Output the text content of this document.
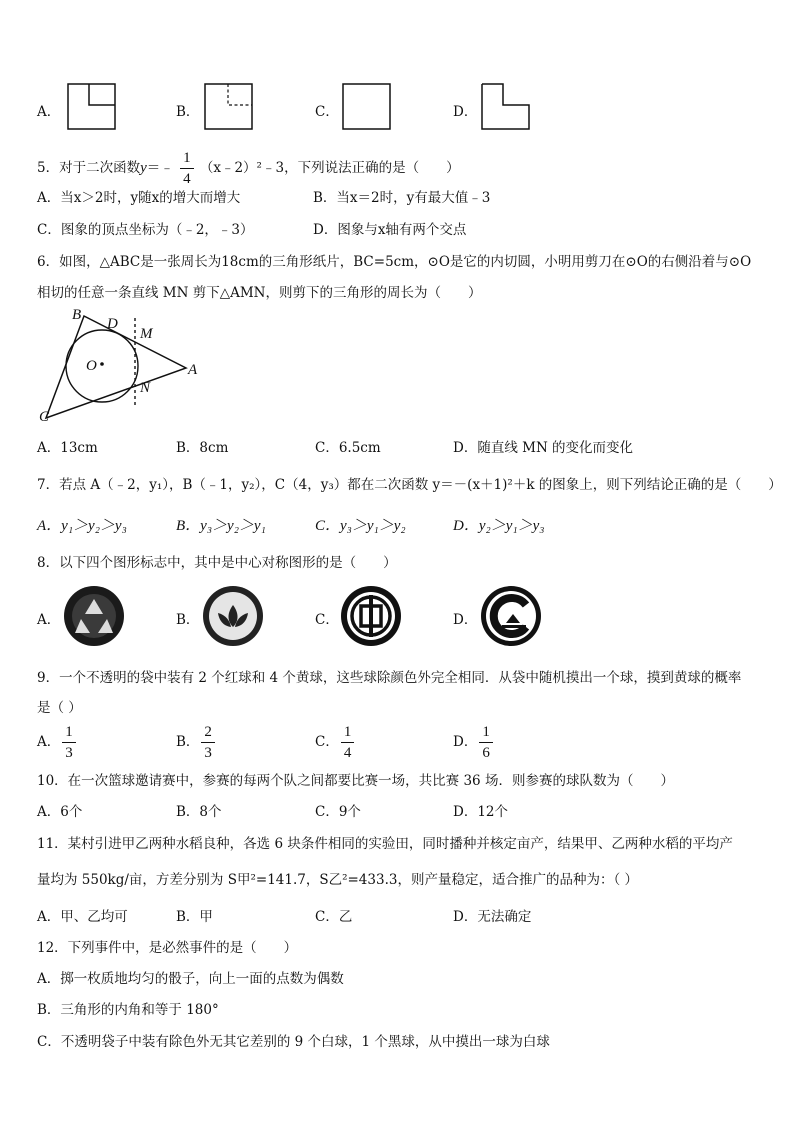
A．	B．	C．	D．
5．对于二次函数y＝﹣ $\frac{1}{4}$ （x﹣2）²﹣3，下列说法正确的是（　　）
A．当x＞2时，y随x的增大而增大	B．当x＝2时，y有最大值﹣3
C．图象的顶点坐标为（﹣2，﹣3）	D．图象与x轴有两个交点
6．如图，△ABC是一张周长为18cm的三角形纸片，BC=5cm，⊙O是它的内切圆，小明用剪刀在⊙O的右侧沿着与⊙O
相切的任意一条直线 MN 剪下△AMN，则剪下的三角形的周长为（　　）
B
D
M
O
N
A
C
A．13cm	B．8cm	C．6.5cm	D．随直线 MN 的变化而变化
7．若点 A（﹣2，y₁），B（﹣1，y₂），C（4，y₃）都在二次函数 y＝－(x＋1)²＋k 的图象上，则下列结论正确的是（　　）
A．y₁＞y₂＞y₃	B．y₃＞y₂＞y₁	C．y₃＞y₁＞y₂	D．y₂＞y₁＞y₃
8．以下四个图形标志中，其中是中心对称图形的是（　　）
A．	B．	C．	D．
9．一个不透明的袋中装有 2 个红球和 4 个黄球，这些球除颜色外完全相同．从袋中随机摸出一个球，摸到黄球的概率
是（ ）
A． $\frac{1}{3}$	B． $\frac{2}{3}$	C． $\frac{1}{4}$	D． $\frac{1}{6}$
10．在一次篮球邀请赛中，参赛的每两个队之间都要比赛一场，共比赛 36 场．则参赛的球队数为（　　）
A．6个	B．8个	C．9个	D．12个
11．某村引进甲乙两种水稻良种，各选 6 块条件相同的实验田，同时播种并核定亩产，结果甲、乙两种水稻的平均产
量均为 550kg/亩，方差分别为 S甲²=141.7，S乙²=433.3，则产量稳定，适合推广的品种为：（ ）
A．甲、乙均可	B．甲	C．乙	D．无法确定
12．下列事件中，是必然事件的是（　　）
A．掷一枚质地均匀的骰子，向上一面的点数为偶数
B．三角形的内角和等于 180°
C．不透明袋子中装有除色外无其它差别的 9 个白球，1 个黑球，从中摸出一球为白球
